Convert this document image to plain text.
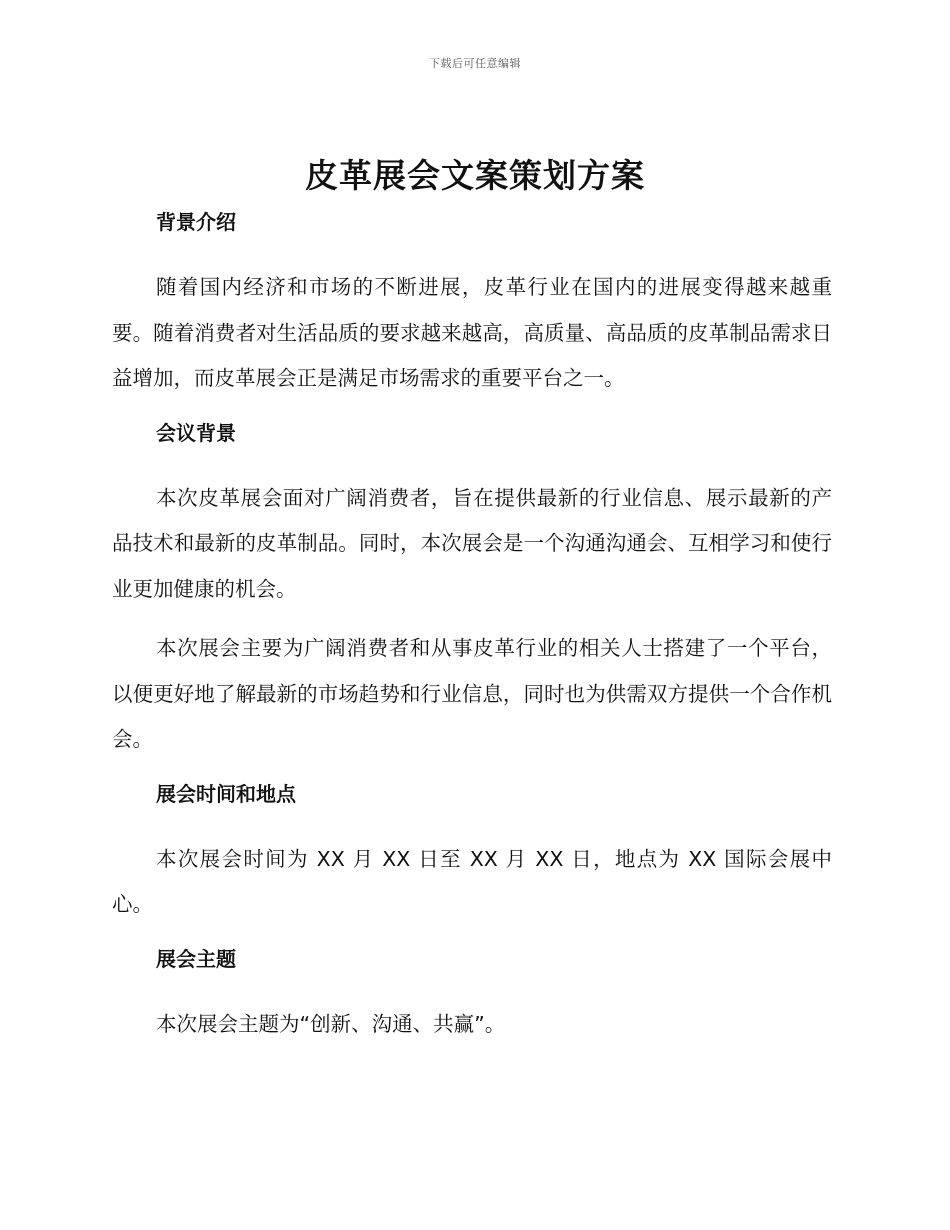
下载后可任意编辑
皮革展会文案策划方案
背景介绍

随着国内经济和市场的不断进展，皮革行业在国内的进展变得越来越重要。随着消费者对生活品质的要求越来越高，高质量、高品质的皮革制品需求日益增加，而皮革展会正是满足市场需求的重要平台之一。

会议背景

本次皮革展会面对广阔消费者，旨在提供最新的行业信息、展示最新的产品技术和最新的皮革制品。同时，本次展会是一个沟通沟通会、互相学习和使行业更加健康的机会。

本次展会主要为广阔消费者和从事皮革行业的相关人士搭建了一个平台，以便更好地了解最新的市场趋势和行业信息，同时也为供需双方提供一个合作机会。

展会时间和地点

本次展会时间为 XX 月 XX 日至 XX 月 XX 日，地点为 XX 国际会展中心。

展会主题

本次展会主题为“创新、沟通、共赢”。
